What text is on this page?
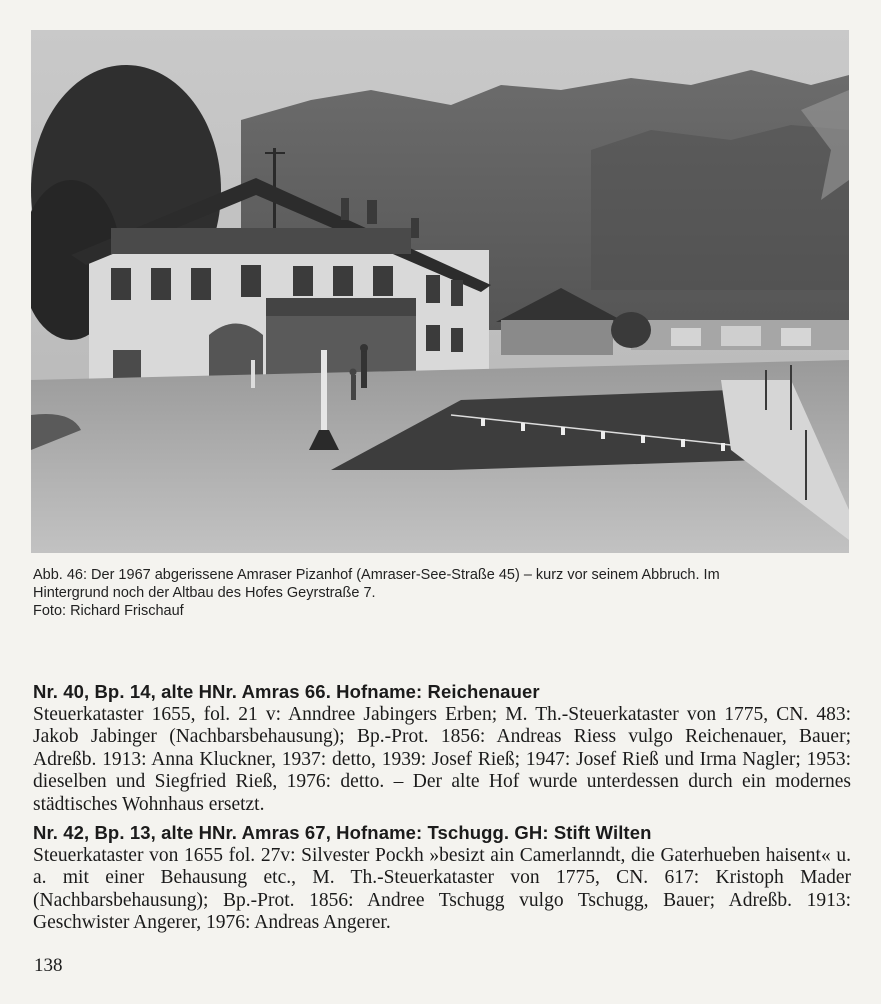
Abb. 46: Der 1967 abgerissene Amraser Pizanhof (Amraser-See-Straße 45) – kurz vor seinem Abbruch. Im

Hintergrund noch der Altbau des Hofes Geyrstraße 7.

Foto: Richard Frischauf

Nr. 40, Bp. 14, alte HNr. Amras 66. Hofname: Reichenauer
Steuerkataster 1655, fol. 21 v: Anndree Jabingers Erben; M. Th.-Steuerkataster von 1775, CN. 483: Jakob Jabinger (Nachbarsbehausung); Bp.-Prot. 1856: Andreas Riess vulgo Reichenauer, Bauer; Adreßb. 1913: Anna Kluckner, 1937: detto, 1939: Josef Rieß; 1947: Josef Rieß und Irma Nagler; 1953: dieselben und Siegfried Rieß, 1976: detto. – Der alte Hof wurde unterdessen durch ein modernes städtisches Wohnhaus ersetzt.
Nr. 42, Bp. 13, alte HNr. Amras 67, Hofname: Tschugg. GH: Stift Wilten
Steuerkataster von 1655 fol. 27v: Silvester Pockh »besizt ain Camerlanndt, die Gaterhueben haisent« u. a. mit einer Behausung etc., M. Th.-Steuerkataster von 1775, CN. 617: Kristoph Mader (Nachbarsbehausung); Bp.-Prot. 1856: Andree Tschugg vulgo Tschugg, Bauer; Adreßb. 1913: Geschwister Angerer, 1976: Andreas Angerer.
138
